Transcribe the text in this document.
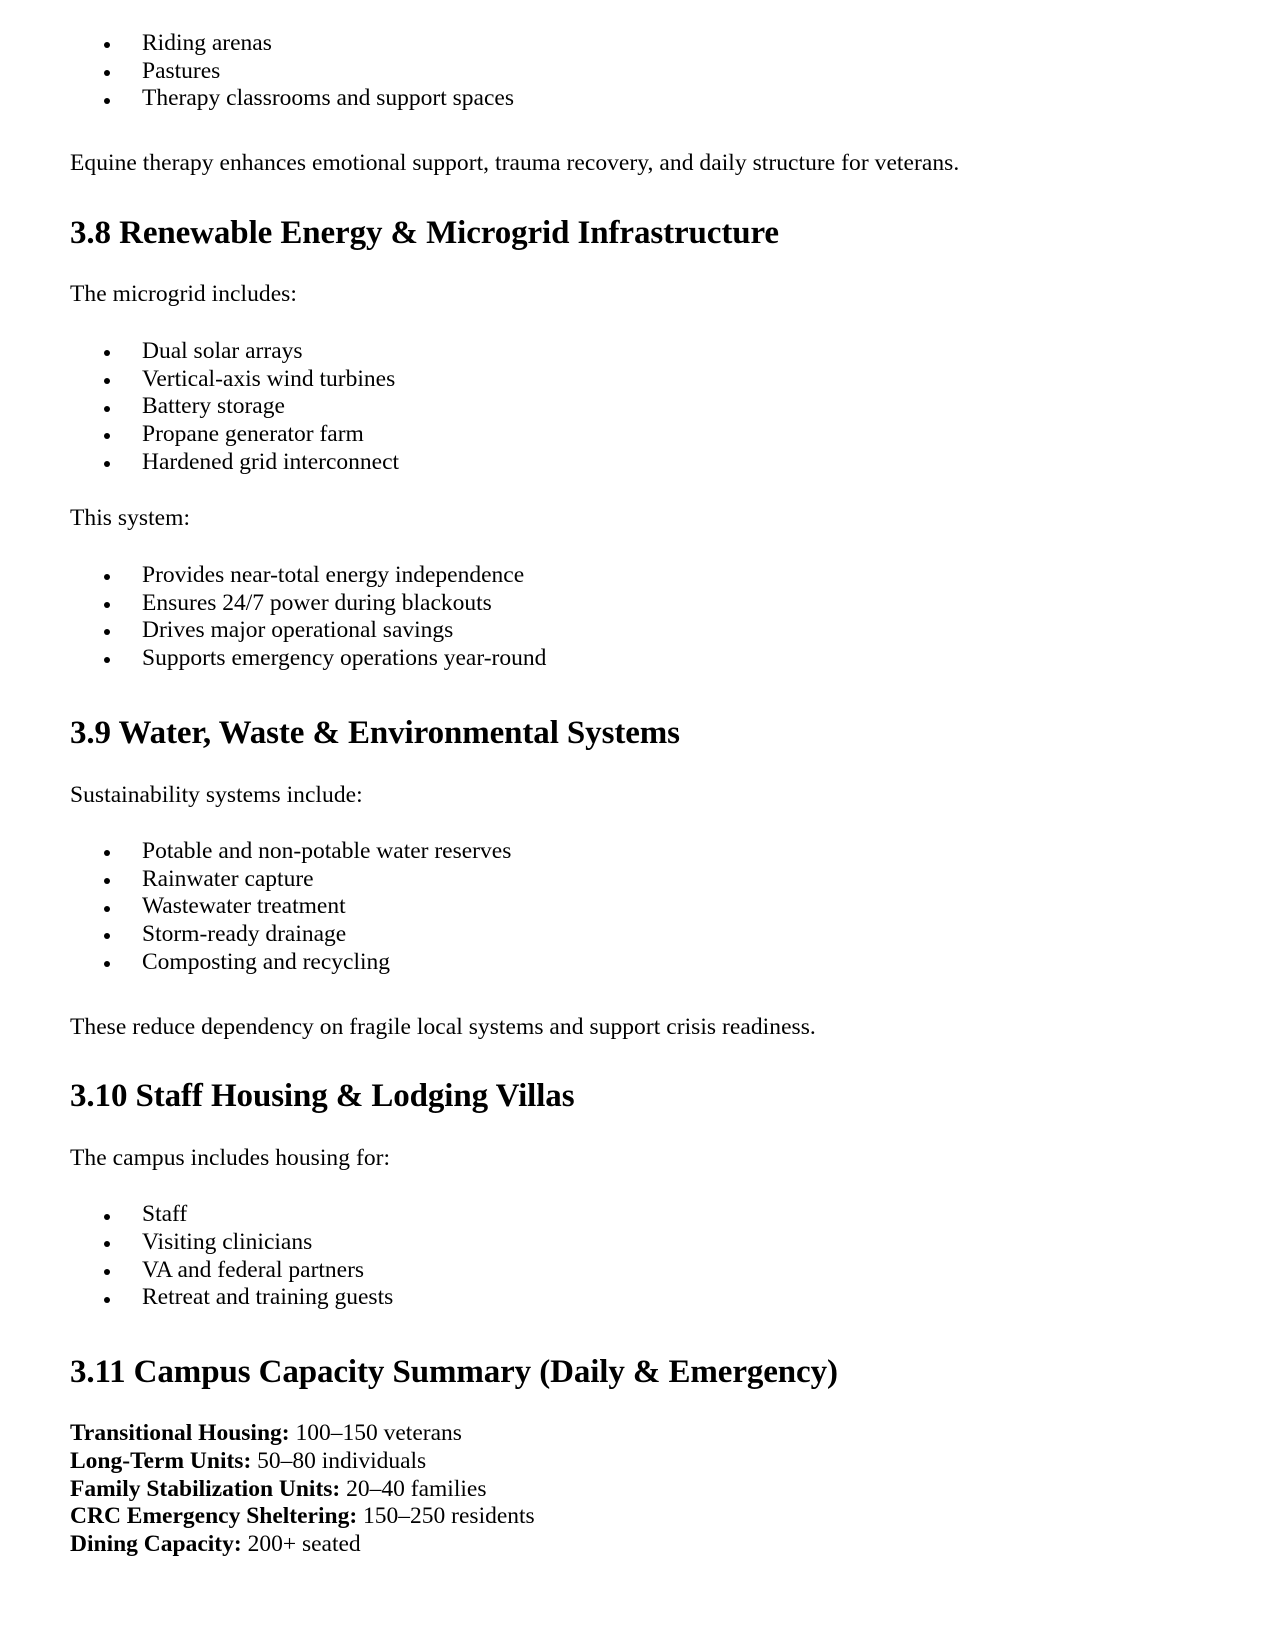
Riding arenas
Pastures
Therapy classrooms and support spaces

Equine therapy enhances emotional support, trauma recovery, and daily structure for veterans.

3.8 Renewable Energy & Microgrid Infrastructure

The microgrid includes:

Dual solar arrays
Vertical-axis wind turbines
Battery storage
Propane generator farm
Hardened grid interconnect

This system:

Provides near-total energy independence
Ensures 24/7 power during blackouts
Drives major operational savings
Supports emergency operations year-round
3.9 Water, Waste & Environmental Systems

Sustainability systems include:

Potable and non-potable water reserves
Rainwater capture
Wastewater treatment
Storm-ready drainage
Composting and recycling

These reduce dependency on fragile local systems and support crisis readiness.

3.10 Staff Housing & Lodging Villas

The campus includes housing for:

Staff
Visiting clinicians
VA and federal partners
Retreat and training guests
3.11 Campus Capacity Summary (Daily & Emergency)

Transitional Housing: 100–150 veterans

Long-Term Units: 50–80 individuals

Family Stabilization Units: 20–40 families

CRC Emergency Sheltering: 150–250 residents

Dining Capacity: 200+ seated
